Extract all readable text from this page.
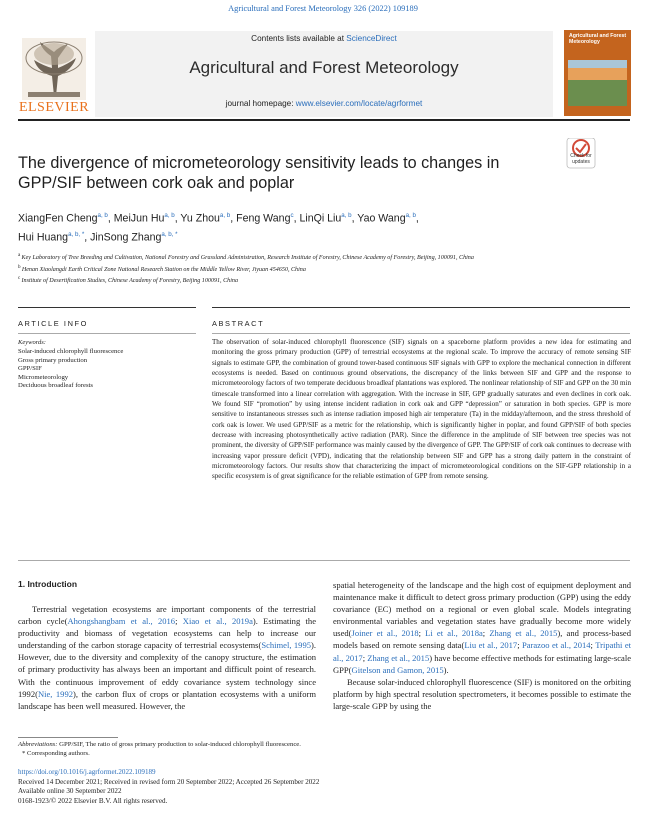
Agricultural and Forest Meteorology 326 (2022) 109189
ELSEVIER
Contents lists available at ScienceDirect
Agricultural and Forest Meteorology
journal homepage: www.elsevier.com/locate/agrformet
Agricultural and Forest Meteorology
The divergence of micrometeorology sensitivity leads to changes in GPP/SIF between cork oak and poplar
Check for updates
XiangFen Cheng$^{a, b}$, MeiJun Hu$^{a, b}$, Yu Zhou$^{a, b}$, Feng Wang$^c$, LinQi Liu$^{a, b}$, Yao Wang$^{a, b}$,
Hui Huang$^{a, b, *}$, JinSong Zhang$^{a, b, *}$
$^a$ Key Laboratory of Tree Breeding and Cultivation, National Forestry and Grassland Administration, Research Institute of Forestry, Chinese Academy of Forestry, Beijing, 100091, China
$^b$ Henan Xiaolangdi Earth Critical Zone National Research Station on the Middle Yellow River, Jiyuan 454650, China
$^c$ Institute of Desertification Studies, Chinese Academy of Forestry, Beijing 100091, China
ARTICLE INFO	ABSTRACT
Keywords:
Solar-induced chlorophyll fluorescence
Gross primary production
GPP/SIF
Micrometeorology
Deciduous broadleaf forests
The observation of solar-induced chlorophyll fluorescence (SIF) signals on a spaceborne platform provides a new idea for estimating and monitoring the gross primary production (GPP) of terrestrial ecosystems at the regional scale. To improve the accuracy of remote sensing SIF signals to estimate GPP, the combination of ground tower-based continuous SIF signals with GPP to explore the mechanical connection in different ecosystems is needed. Based on continuous ground observations, the discrepancy of the links between SIF and GPP and the response to micrometeorology factors of two temperate deciduous broadleaf plantations was explored. The nonlinear relationship of SIF and GPP on the 30 min timescale transformed into a linear correlation with aggregation. With the increase in SIF, GPP gradually saturates and even declines in cork oak. We found SIF “promotion” by using intense incident radiation in cork oak and GPP “depression” or saturation in both species. GPP is more sensitive to instantaneous stresses such as intense radiation imposed high air temperature (Ta) in the midday/afternoon, and the stress threshold of cork oak is lower. We used GPP/SIF as a metric for the relationship, which is significantly higher in poplar, and found GPP/SIF of both species decrease with increasing photosynthetically active radiation (PAR). Since the difference in the amplitude of SIF between tree species was not prominent, the diversity of GPP/SIF performance was mainly caused by the divergence of GPP. The GPP/SIF of cork oak continues to decrease with increasing vapor pressure deficit (VPD), indicating that the relationship between SIF and GPP has a strong daily pattern in the constraint of micrometeorology factors. Our results show that characterizing the impact of micrometeorological conditions on the SIF-GPP relationship in a specific ecosystem is of great significance for the reliable estimation of GPP from remote sensing.
1. Introduction

Terrestrial vegetation ecosystems are important components of the terrestrial carbon cycle(Ahongshangbam et al., 2016; Xiao et al., 2019a). Estimating the productivity and biomass of vegetation ecosystems can help to increase our understanding of the carbon storage capacity of terrestrial ecosystems(Schimel, 1995). However, due to the diversity and complexity of the canopy structure, the estimation of primary productivity has always been an important and difficult point of research. With the continuous improvement of eddy covariance system technology since 1992(Nie, 1992), the carbon flux of crops or plantation ecosystems with a uniform landscape has been well measured. However, the

spatial heterogeneity of the landscape and the high cost of equipment deployment and maintenance make it difficult to detect gross primary production (GPP) using the eddy covariance (EC) method on a regional or even global scale. Models integrating environmental variables and vegetation states have gradually become more widely used(Joiner et al., 2018; Li et al., 2018a; Zhang et al., 2015), and process-based models based on remote sensing data(Liu et al., 2017; Parazoo et al., 2014; Tripathi et al., 2017; Zhang et al., 2015) have become effective methods for estimating large-scale GPP(Gitelson and Gamon, 2015).

Because solar-induced chlorophyll fluorescence (SIF) is monitored on the orbiting platform by high spectral resolution spectrometers, it becomes possible to estimate the large-scale GPP by using the

Abbreviations: GPP/SIF, The ratio of gross primary production to solar-induced chlorophyll fluorescence.
* Corresponding authors.
https://doi.org/10.1016/j.agrformet.2022.109189
Received 14 December 2021; Received in revised form 20 September 2022; Accepted 26 September 2022
Available online 30 September 2022
0168-1923/© 2022 Elsevier B.V. All rights reserved.
